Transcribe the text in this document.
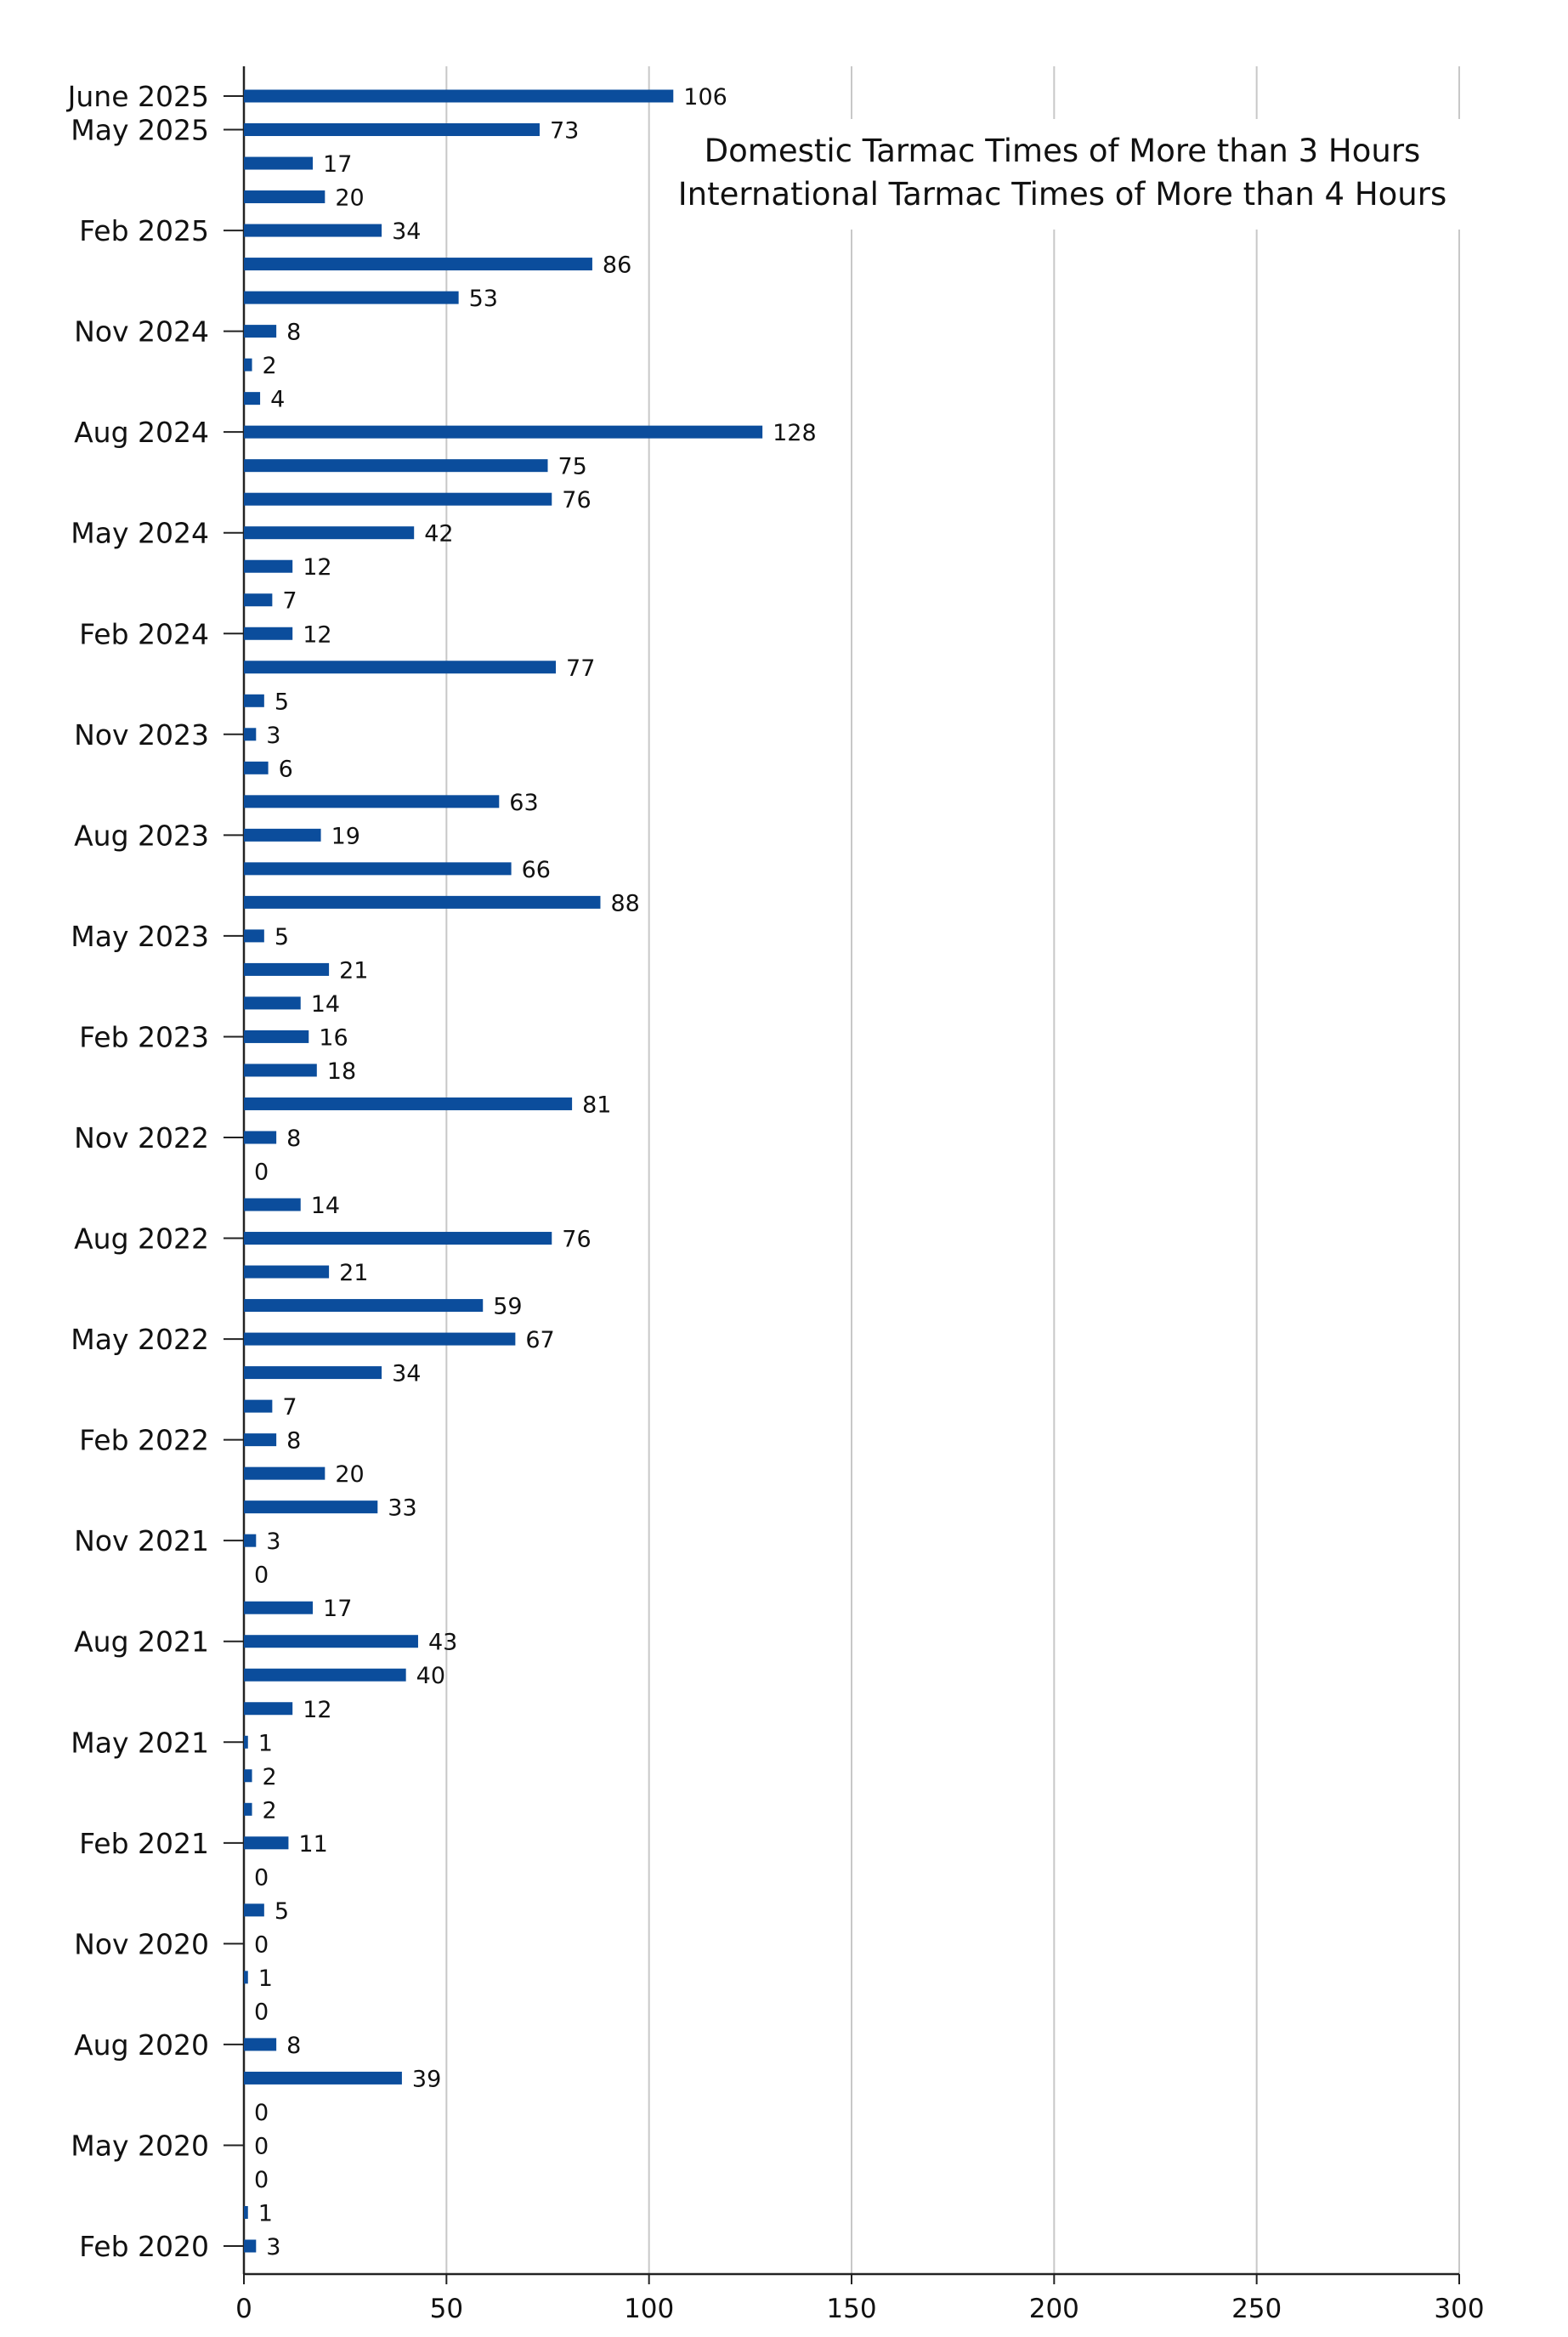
0	50	100	150	200	250	300
June 2025
May 2025
Feb 2025
Nov 2024
Aug 2024
May 2024
Feb 2024
Nov 2023
Aug 2023
May 2023
Feb 2023
Nov 2022
Aug 2022
May 2022
Feb 2022
Nov 2021
Aug 2021
May 2021
Feb 2021
Nov 2020
Aug 2020
May 2020
Feb 2020
106
73
17
20
34
86
53
8
2
4
128
75
76
42
12
7
12
77
5
3
6
63
19
66
88
5
21
14
16
18
81
8
0
14
76
21
59
67
34
7
8
20
33
3
0
17
43
40
12
1
2
2
11
0
5
0
1
0
8
39
0
0
0
1
3
Domestic Tarmac Times of More than 3 Hours
International Tarmac Times of More than 4 Hours
